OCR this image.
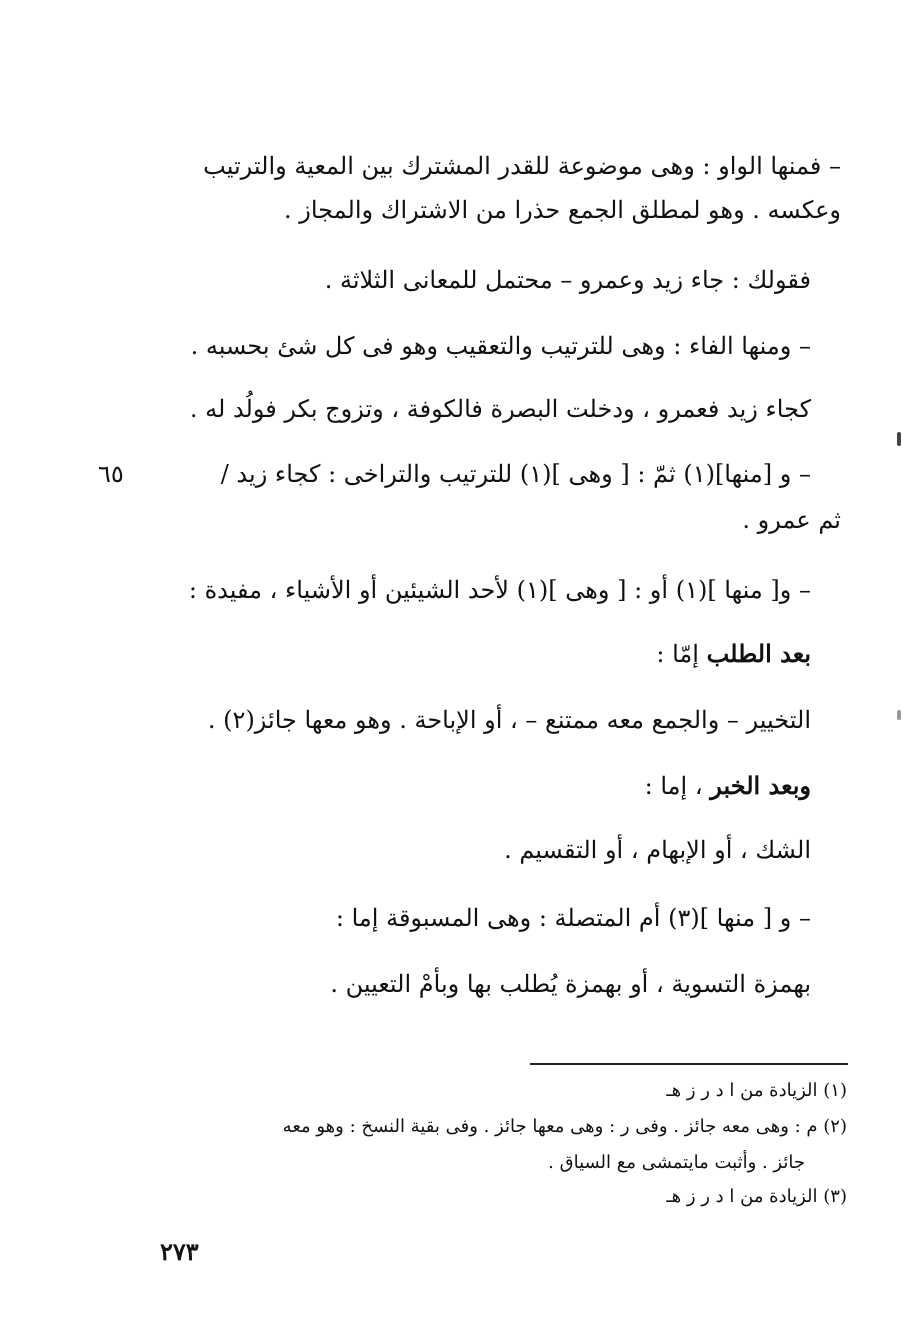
– فمنها الواو : وهى موضوعة للقدر المشترك بين المعية والترتيب
وعكسه . وهو لمطلق الجمع حذرا من الاشتراك والمجاز .
فقولك : جاء زيد وعمرو – محتمل للمعانى الثلاثة .
– ومنها الفاء : وهى للترتيب والتعقيب وهو فى كل شئ بحسبه .
كجاء زيد فعمرو ، ودخلت البصرة فالكوفة ، وتزوج بكر فولُد له .
– و [منها](١) ثمّ : [ وهى ](١) للترتيب والتراخى : كجاء زيد /
٦٥
ثم عمرو .
– و[ منها ](١) أو : [ وهى ](١) لأحد الشيئين أو الأشياء ، مفيدة :
بعد الطلب إمّا :
التخيير – والجمع معه ممتنع – ، أو الإباحة . وهو معها جائز(٢) .
وبعد الخبر ، إما :
الشك ، أو الإبهام ، أو التقسيم .
– و [ منها ](٣) أم المتصلة : وهى المسبوقة إما :
بهمزة التسوية ، أو بهمزة يُطلب بها وبأمْ التعيين .
(١) الزيادة من ا د ر ز هـ
(٢) م : وهى معه جائز . وفى ر : وهى معها جائز . وفى بقية النسخ : وهو معه
جائز . وأثبت مايتمشى مع السياق .
(٣) الزيادة من ا د ر ز هـ
٢٧٣
